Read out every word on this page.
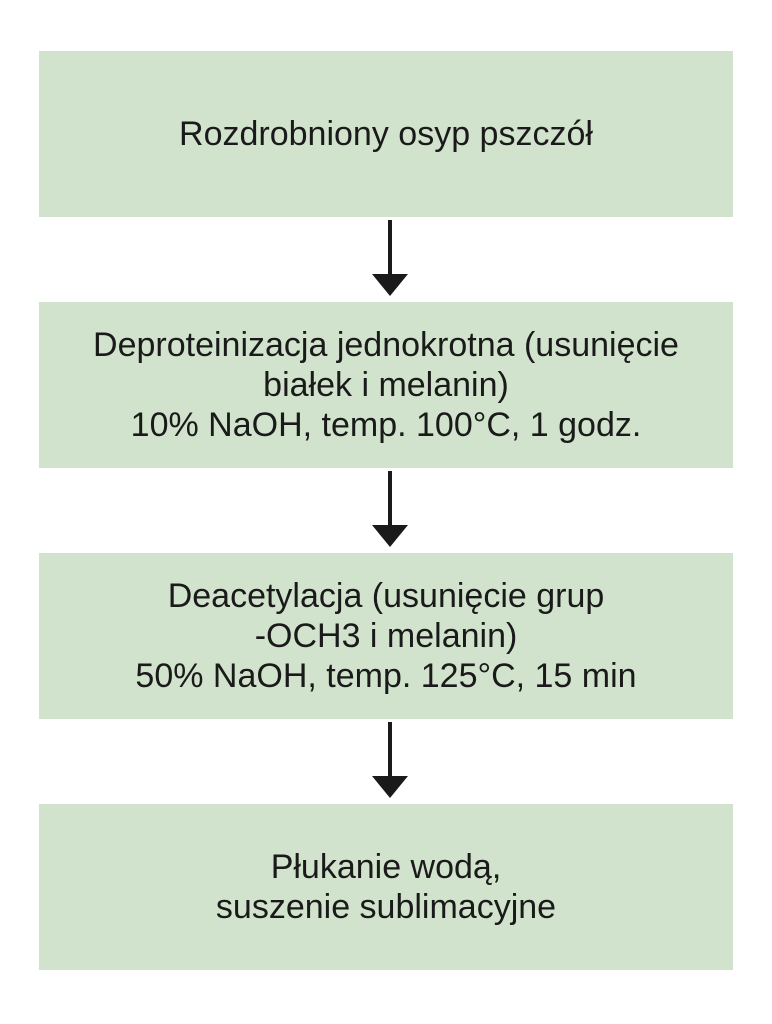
Rozdrobniony osyp pszczół
Deproteinizacja jednokrotna (usunięcie
białek i melanin)
10% NaOH, temp. 100°C, 1 godz.
Deacetylacja (usunięcie grup
-OCH3 i melanin)
50% NaOH, temp. 125°C, 15 min
Płukanie wodą,
suszenie sublimacyjne
